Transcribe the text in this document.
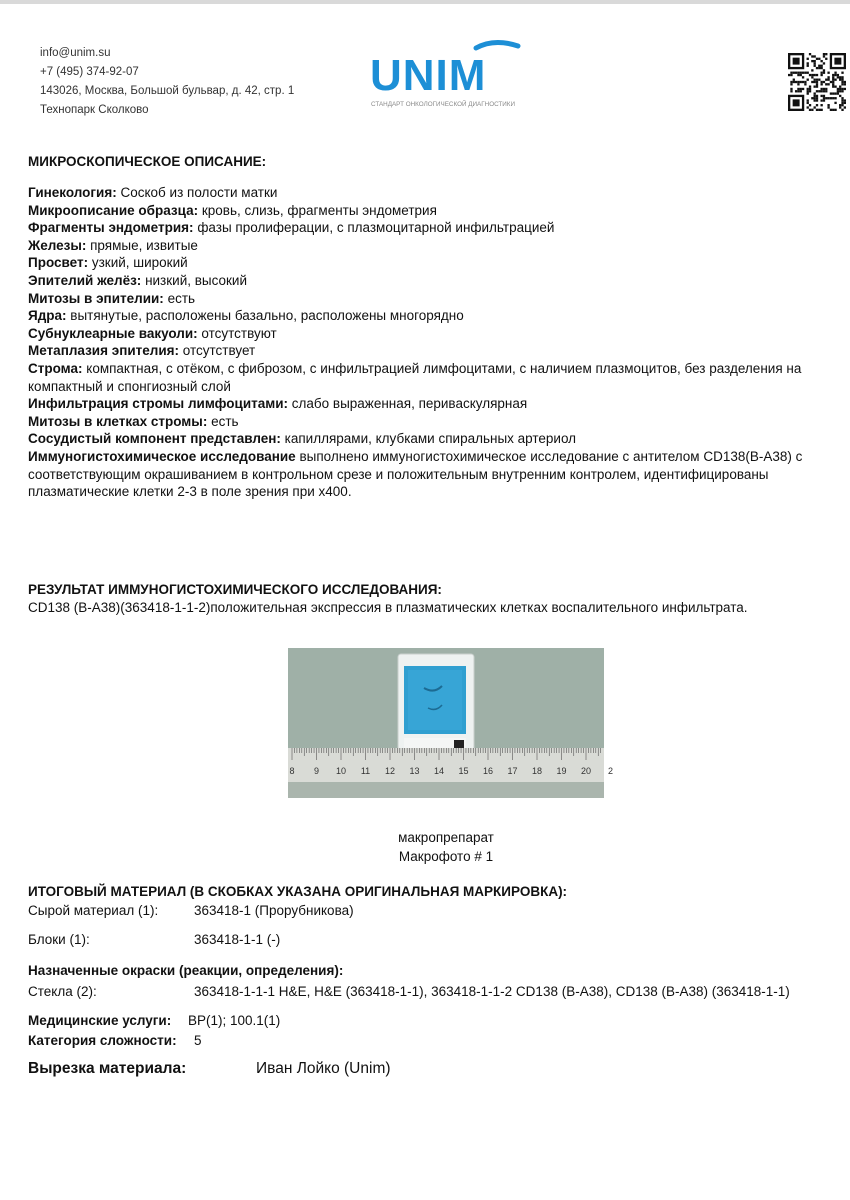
info@unim.su
+7 (495) 374-92-07
143026, Москва, Большой бульвар, д. 42, стр. 1
Технопарк Сколково
UNIM
СТАНДАРТ ОНКОЛОГИЧЕСКОЙ ДИАГНОСТИКИ
МИКРОСКОПИЧЕСКОЕ ОПИСАНИЕ:
Гинекология: Соскоб из полости матки
Микроописание образца: кровь, слизь, фрагменты эндометрия
Фрагменты эндометрия: фазы пролиферации, с плазмоцитарной инфильтрацией
Железы: прямые, извитые
Просвет: узкий, широкий
Эпителий желёз: низкий, высокий
Митозы в эпителии: есть
Ядра: вытянутые, расположены базально, расположены многорядно
Субнуклеарные вакуоли: отсутствуют
Метаплазия эпителия: отсутствует
Строма: компактная, с отёком, с фиброзом, с инфильтрацией лимфоцитами, с наличием плазмоцитов, без разделения на компактный и спонгиозный слой
Инфильтрация стромы лимфоцитами: слабо выраженная, периваскулярная
Митозы в клетках стромы: есть
Сосудистый компонент представлен: капиллярами, клубками спиральных артериол
Иммуногистохимическое исследование выполнено иммуногистохимическое исследование с антителом CD138(B-A38) с соответствующим окрашиванием в контрольном срезе и положительным внутренним контролем, идентифицированы плазматические клетки 2-3 в поле зрения при х400.
РЕЗУЛЬТАТ ИММУНОГИСТОХИМИЧЕСКОГО ИССЛЕДОВАНИЯ:
CD138 (B-A38)(363418-1-1-2)положительная экспрессия в плазматических клетках воспалительного инфильтрата.
8 9 10 11 12 13 14 15 16 17 18 19 20 2
макропрепарат
Макрофото # 1
ИТОГОВЫЙ МАТЕРИАЛ (В СКОБКАХ УКАЗАНА ОРИГИНАЛЬНАЯ МАРКИРОВКА):
Сырой материал (1):	363418-1 (Прорубникова)
Блоки (1):	363418-1-1 (-)
Назначенные окраски (реакции, определения):
Стекла (2):	363418-1-1-1 H&E, H&E (363418-1-1), 363418-1-1-2 CD138 (B-A38), CD138 (B-A38) (363418-1-1)
Медицинские услуги: BP(1); 100.1(1)
Категория сложности: 5
Вырезка материала:	Иван Лойко (Unim)
